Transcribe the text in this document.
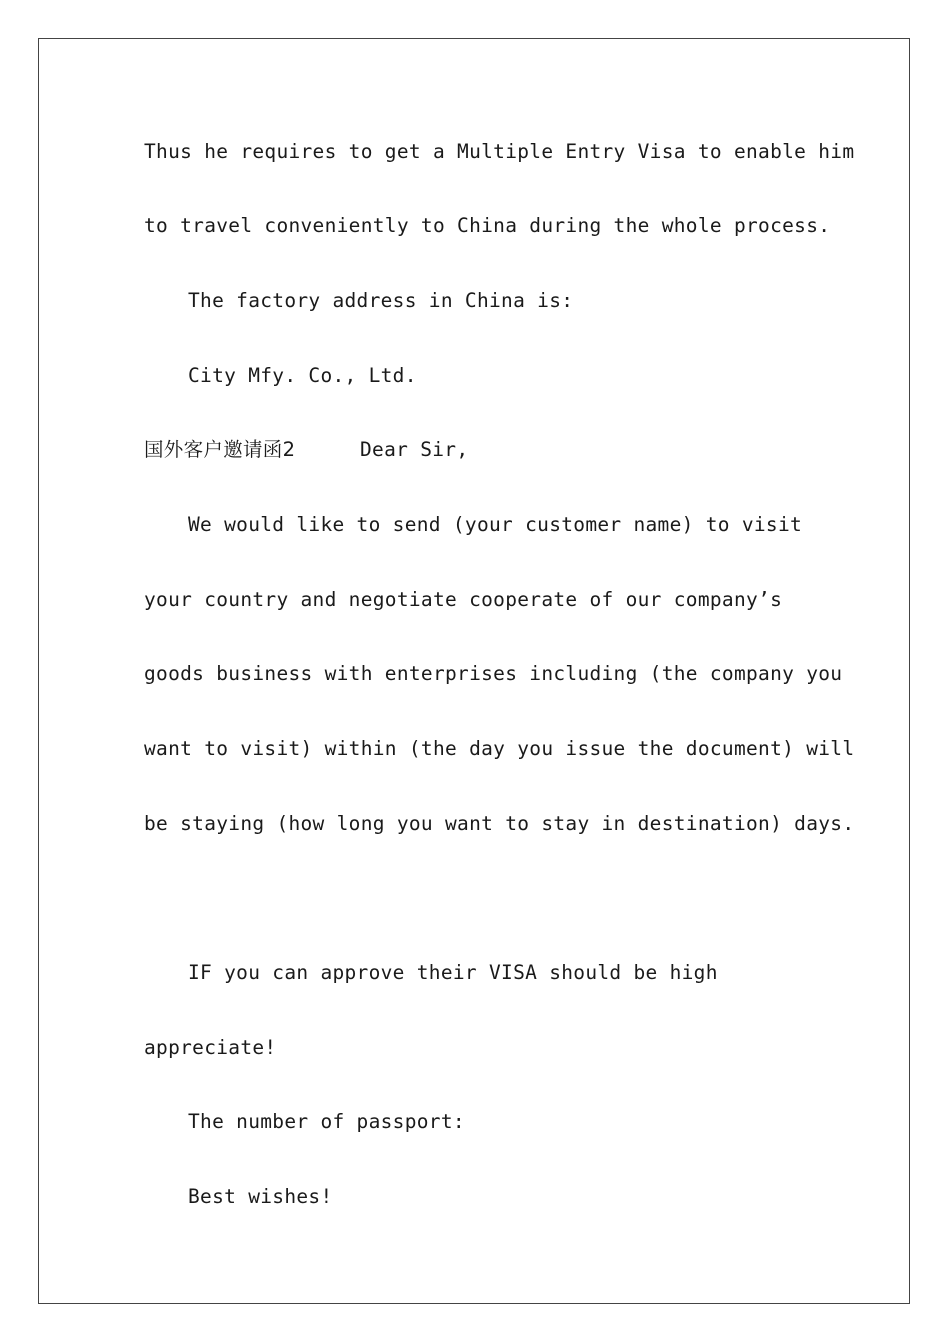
Thus he requires to get a Multiple Entry Visa to enable him
to travel conveniently to China during the whole process.
The factory address in China is:
City Mfy. Co., Ltd.
国外客户邀请函2	Dear Sir,
We would like to send (your customer name) to visit
your country and negotiate cooperate of our company’s
goods business with enterprises including (the company you
want to visit) within (the day you issue the document) will
be staying (how long you want to stay in destination) days.
IF you can approve their VISA should be high
appreciate!
The number of passport:
Best wishes!
